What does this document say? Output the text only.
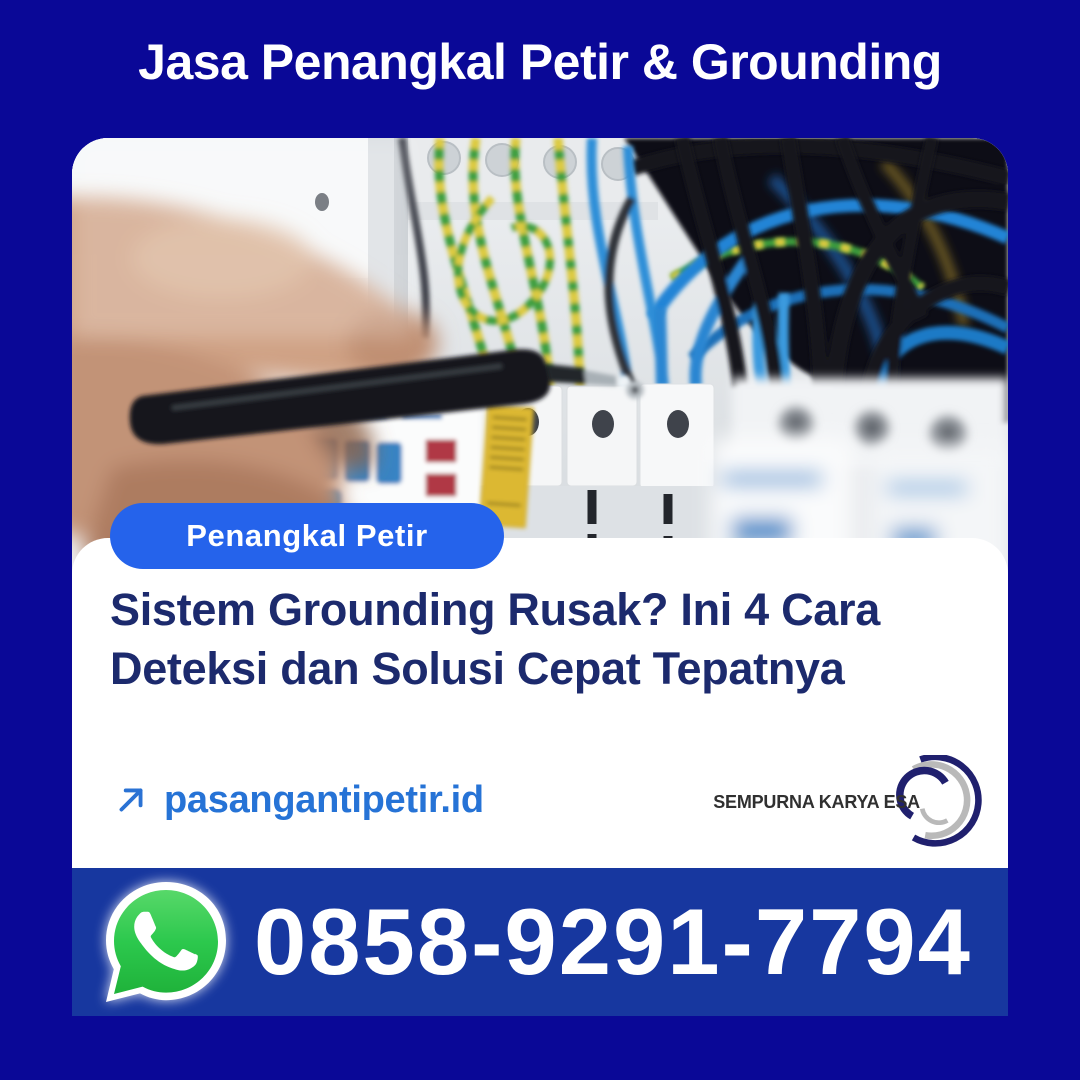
Jasa Penangkal Petir & Grounding
Penangkal Petir
Sistem Grounding Rusak? Ini 4 Cara
Deteksi dan Solusi Cepat Tepatnya
pasangantipetir.id	SEMPURNA KARYA ESA
0858-9291-7794
